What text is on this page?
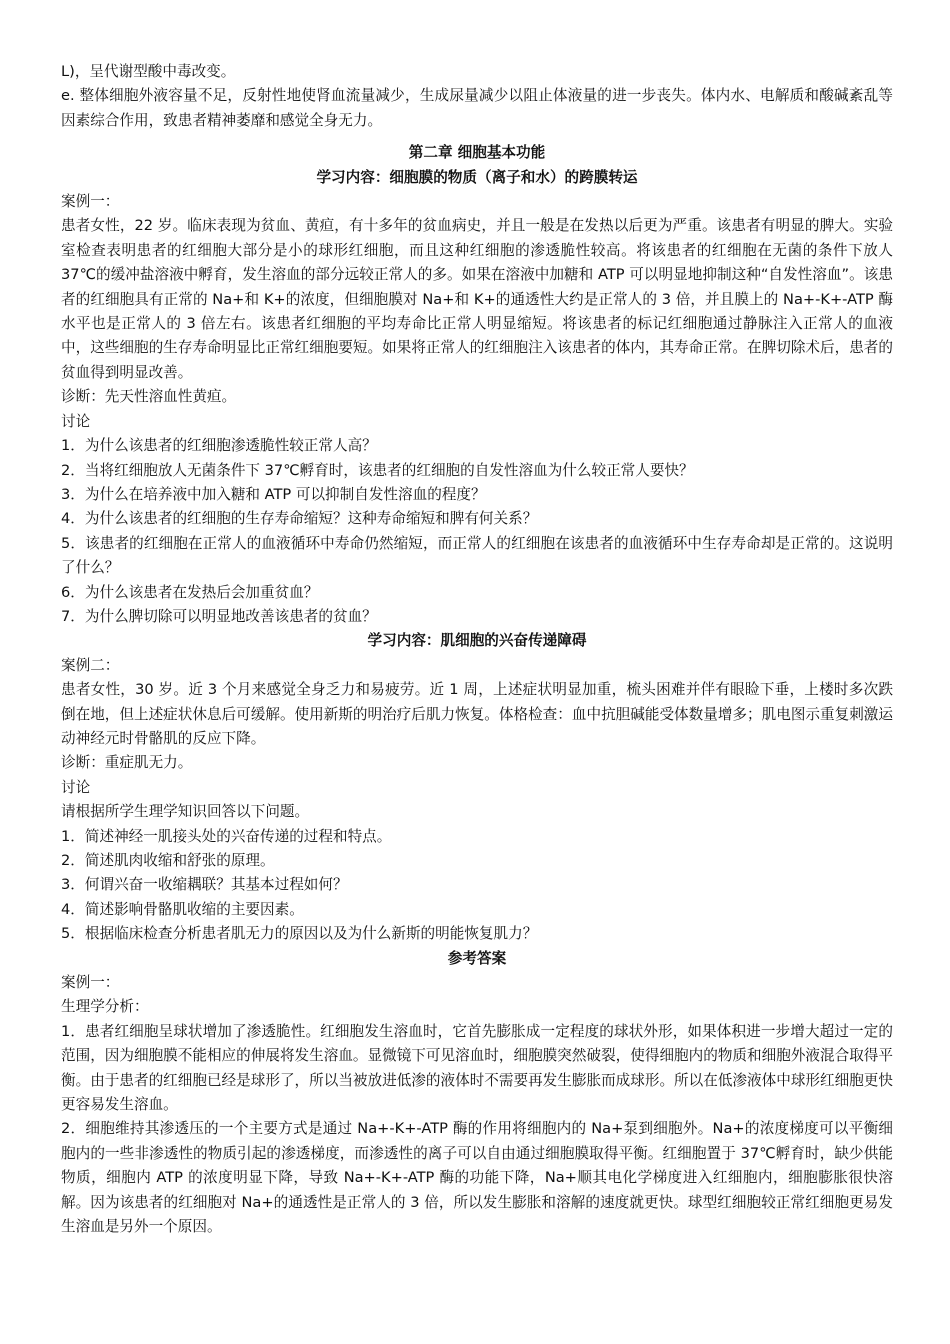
L)，呈代谢型酸中毒改变。

e. 整体细胞外液容量不足，反射性地使肾血流量减少，生成尿量减少以阻止体液量的进一步丧失。体内水、电解质和酸碱紊乱等因素综合作用，致患者精神萎靡和感觉全身无力。

第二章 细胞基本功能

学习内容：细胞膜的物质（离子和水）的跨膜转运

案例一：

患者女性，22 岁。临床表现为贫血、黄疸，有十多年的贫血病史，并且一般是在发热以后更为严重。该患者有明显的脾大。实验室检查表明患者的红细胞大部分是小的球形红细胞，而且这种红细胞的渗透脆性较高。将该患者的红细胞在无菌的条件下放人 37℃的缓冲盐溶液中孵育，发生溶血的部分远较正常人的多。如果在溶液中加糖和 ATP 可以明显地抑制这种“自发性溶血”。该患者的红细胞具有正常的 Na+和 K+的浓度，但细胞膜对 Na+和 K+的通透性大约是正常人的 3 倍，并且膜上的 Na+-K+-ATP 酶水平也是正常人的 3 倍左右。该患者红细胞的平均寿命比正常人明显缩短。将该患者的标记红细胞通过静脉注入正常人的血液中，这些细胞的生存寿命明显比正常红细胞要短。如果将正常人的红细胞注入该患者的体内，其寿命正常。在脾切除术后，患者的贫血得到明显改善。

诊断：先天性溶血性黄疸。

讨论

1．为什么该患者的红细胞渗透脆性较正常人高？

2．当将红细胞放人无菌条件下 37℃孵育时，该患者的红细胞的自发性溶血为什么较正常人要快？

3．为什么在培养液中加入糖和 ATP 可以抑制自发性溶血的程度？

4．为什么该患者的红细胞的生存寿命缩短？这种寿命缩短和脾有何关系？

5．该患者的红细胞在正常人的血液循环中寿命仍然缩短，而正常人的红细胞在该患者的血液循环中生存寿命却是正常的。这说明了什么？

6．为什么该患者在发热后会加重贫血？

7．为什么脾切除可以明显地改善该患者的贫血？

学习内容：肌细胞的兴奋传递障碍

案例二：

患者女性，30 岁。近 3 个月来感觉全身乏力和易疲劳。近 1 周，上述症状明显加重，梳头困难并伴有眼睑下垂，上楼时多次跌倒在地，但上述症状休息后可缓解。使用新斯的明治疗后肌力恢复。体格检查：血中抗胆碱能受体数量增多；肌电图示重复刺激运动神经元时骨骼肌的反应下降。

诊断：重症肌无力。

讨论

请根据所学生理学知识回答以下问题。

1．简述神经一肌接头处的兴奋传递的过程和特点。

2．简述肌肉收缩和舒张的原理。

3．何谓兴奋一收缩耦联？其基本过程如何？

4．简述影响骨骼肌收缩的主要因素。

5．根据临床检查分析患者肌无力的原因以及为什么新斯的明能恢复肌力？

参考答案

案例一：

生理学分析：

1．患者红细胞呈球状增加了渗透脆性。红细胞发生溶血时，它首先膨胀成一定程度的球状外形，如果体积进一步增大超过一定的范围，因为细胞膜不能相应的伸展将发生溶血。显微镜下可见溶血时，细胞膜突然破裂，使得细胞内的物质和细胞外液混合取得平衡。由于患者的红细胞已经是球形了，所以当被放进低渗的液体时不需要再发生膨胀而成球形。所以在低渗液体中球形红细胞更快更容易发生溶血。

2．细胞维持其渗透压的一个主要方式是通过 Na+-K+-ATP 酶的作用将细胞内的 Na+泵到细胞外。Na+的浓度梯度可以平衡细胞内的一些非渗透性的物质引起的渗透梯度，而渗透性的离子可以自由通过细胞膜取得平衡。红细胞置于 37℃孵育时，缺少供能物质，细胞内 ATP 的浓度明显下降，导致 Na+-K+-ATP 酶的功能下降，Na+顺其电化学梯度进入红细胞内，细胞膨胀很快溶解。因为该患者的红细胞对 Na+的通透性是正常人的 3 倍，所以发生膨胀和溶解的速度就更快。球型红细胞较正常红细胞更易发生溶血是另外一个原因。
